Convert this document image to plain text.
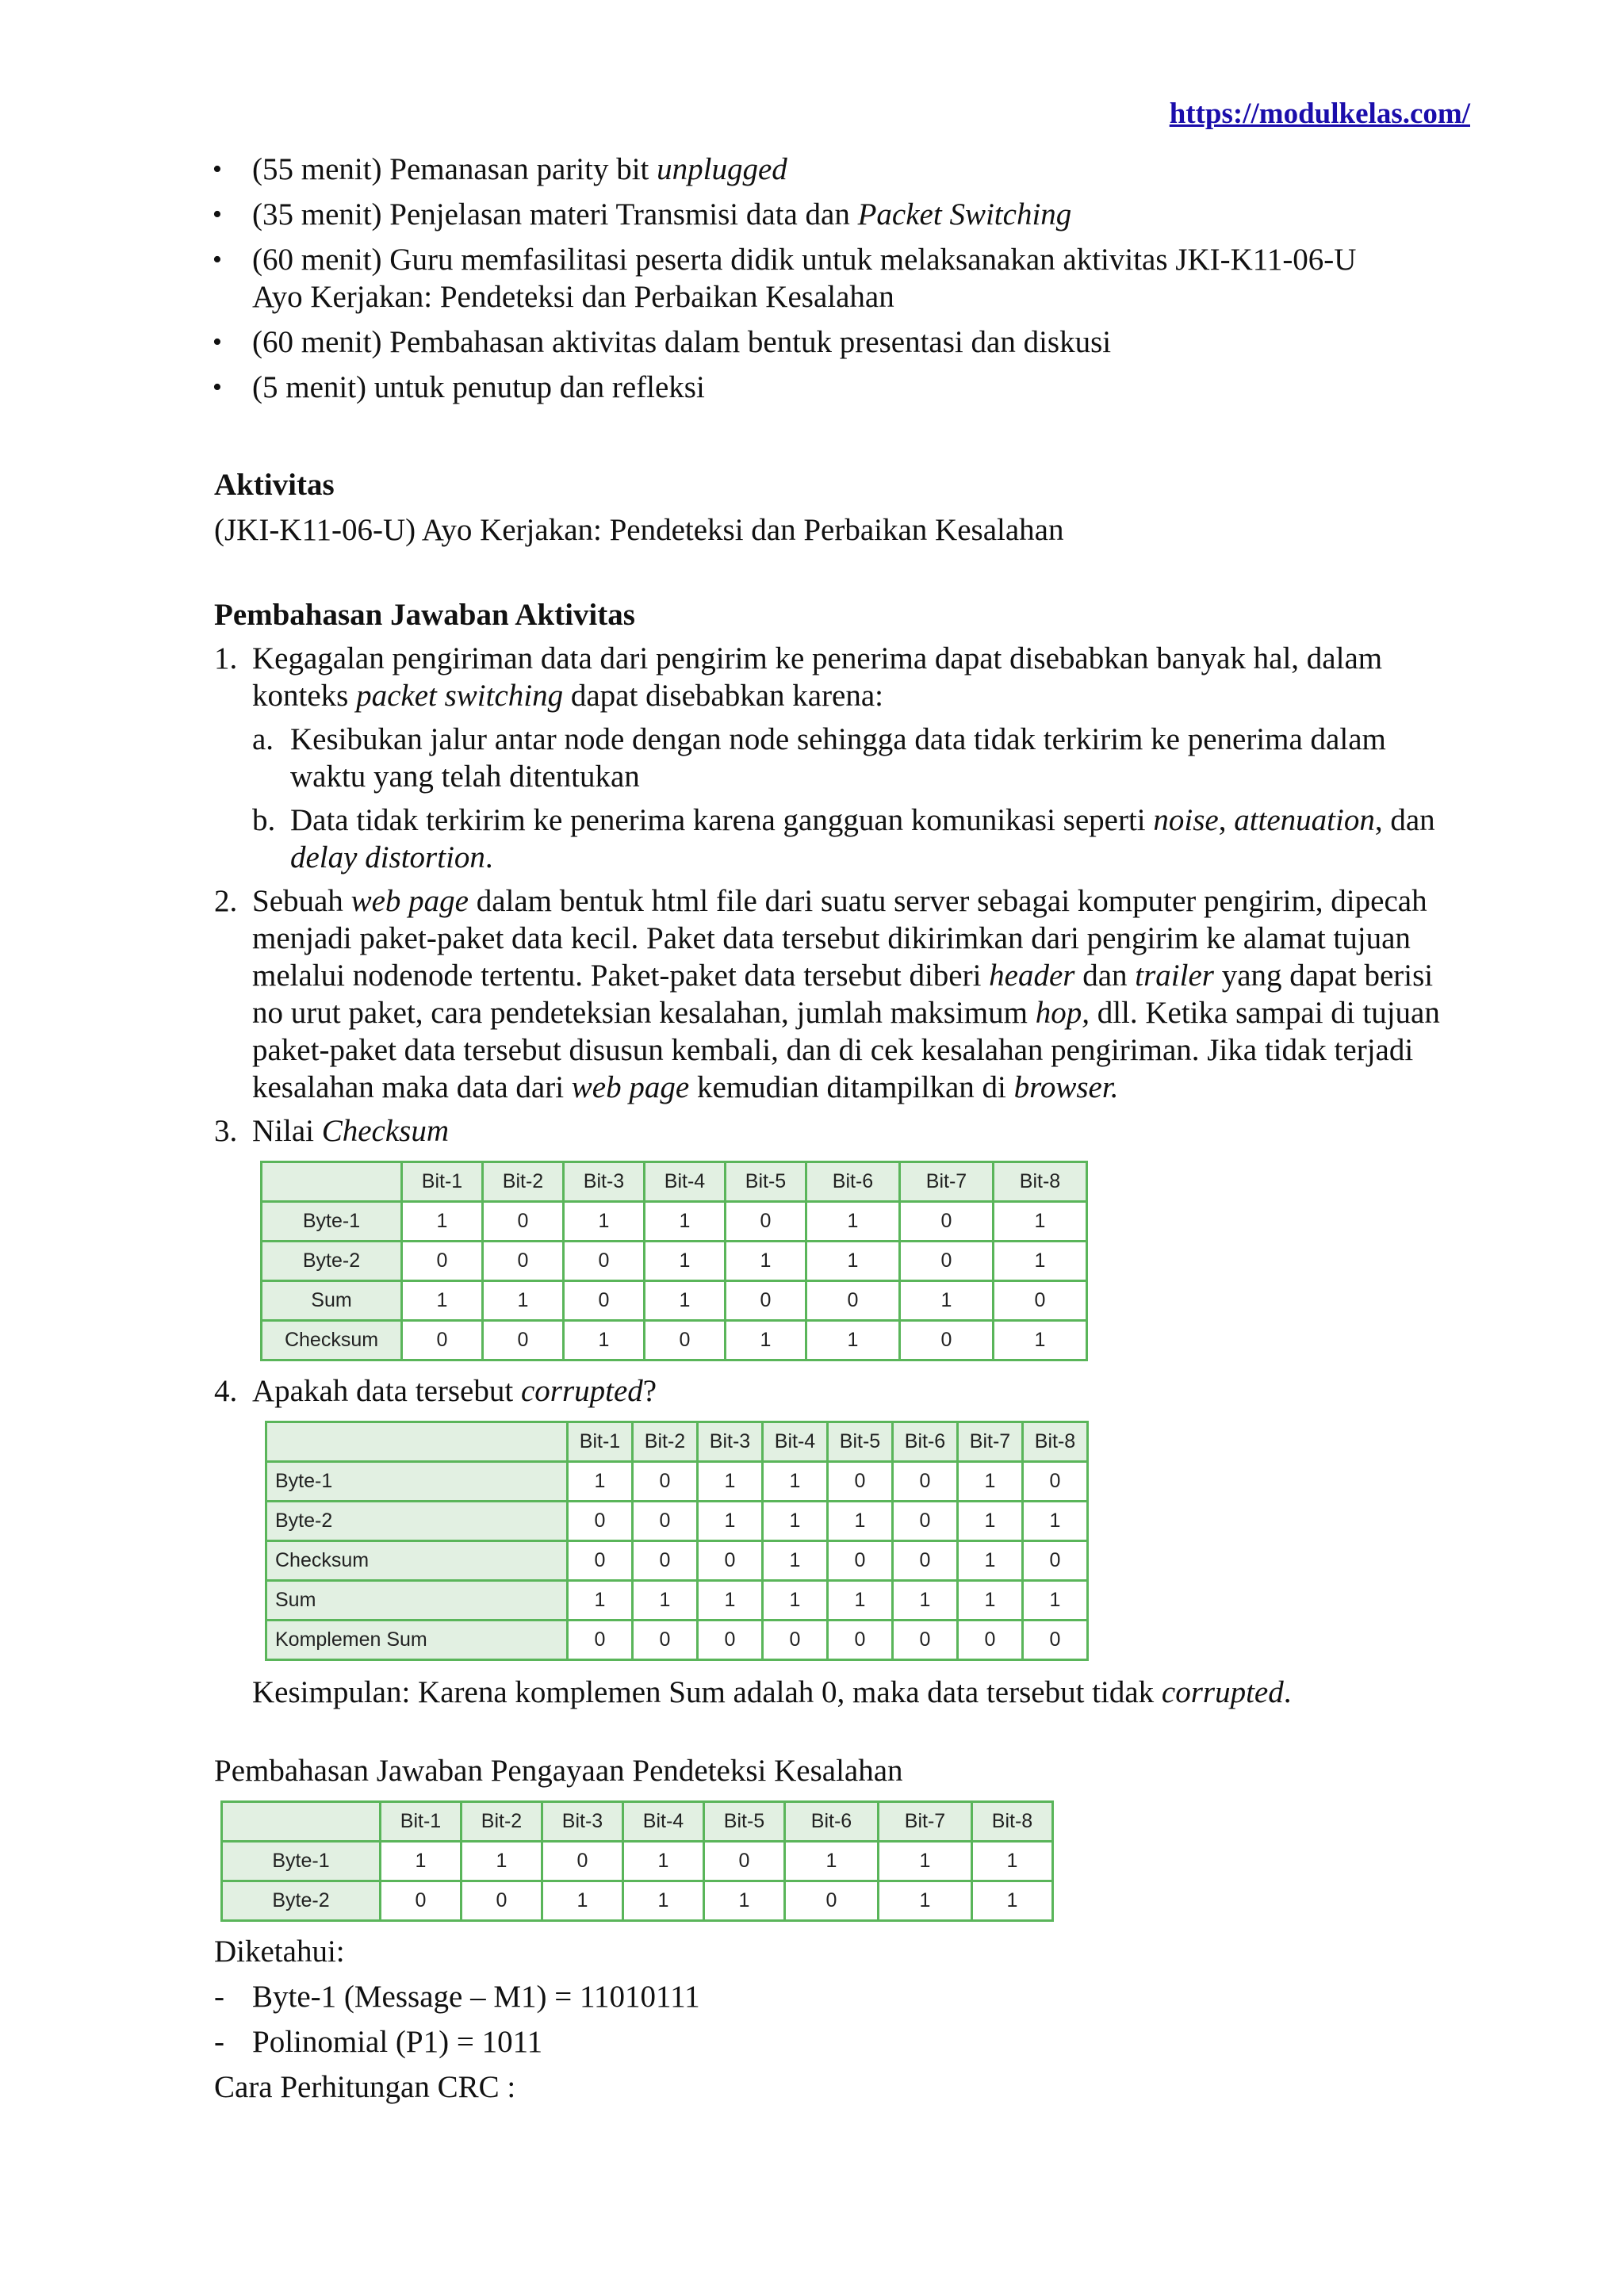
https://modulkelas.com/
• (55 menit) Pemanasan parity bit unplugged
• (35 menit) Penjelasan materi Transmisi data dan Packet Switching
• (60 menit) Guru memfasilitasi peserta didik untuk melaksanakan aktivitas JKI-K11-06-U
Ayo Kerjakan: Pendeteksi dan Perbaikan Kesalahan
• (60 menit) Pembahasan aktivitas dalam bentuk presentasi dan diskusi
• (5 menit) untuk penutup dan refleksi
Aktivitas

(JKI-K11-06-U) Ayo Kerjakan: Pendeteksi dan Perbaikan Kesalahan

Pembahasan Jawaban Aktivitas
1. Kegagalan pengiriman data dari pengirim ke penerima dapat disebabkan banyak hal, dalam
konteks packet switching dapat disebabkan karena:
a. Kesibukan jalur antar node dengan node sehingga data tidak terkirim ke penerima dalam waktu yang telah ditentukan
b. Data tidak terkirim ke penerima karena gangguan komunikasi seperti noise, attenuation, dan delay distortion.
2. Sebuah web page dalam bentuk html file dari suatu server sebagai komputer pengirim, dipecah menjadi paket-paket data kecil. Paket data tersebut dikirimkan dari pengirim ke alamat tujuan melalui nodenode tertentu. Paket-paket data tersebut diberi header dan trailer yang dapat berisi no urut paket, cara pendeteksian kesalahan, jumlah maksimum hop, dll. Ketika sampai di tujuan paket-paket data tersebut disusun kembali, dan di cek kesalahan pengiriman. Jika tidak terjadi kesalahan maka data dari web page kemudian ditampilkan di browser.
3. Nilai Checksum
	Bit-1	Bit-2	Bit-3	Bit-4	Bit-5	Bit-6	Bit-7	Bit-8
Byte-1	1	0	1	1	0	1	0	1
Byte-2	0	0	0	1	1	1	0	1
Sum	1	1	0	1	0	0	1	0
Checksum	0	0	1	0	1	1	0	1
4. Apakah data tersebut corrupted?
	Bit-1	Bit-2	Bit-3	Bit-4	Bit-5	Bit-6	Bit-7	Bit-8
Byte-1	1	0	1	1	0	0	1	0
Byte-2	0	0	1	1	1	0	1	1
Checksum	0	0	0	1	0	0	1	0
Sum	1	1	1	1	1	1	1	1
Komplemen Sum	0	0	0	0	0	0	0	0

Kesimpulan: Karena komplemen Sum adalah 0, maka data tersebut tidak corrupted.

Pembahasan Jawaban Pengayaan Pendeteksi Kesalahan

	Bit-1	Bit-2	Bit-3	Bit-4	Bit-5	Bit-6	Bit-7	Bit-8
Byte-1	1	1	0	1	0	1	1	1
Byte-2	0	0	1	1	1	0	1	1

Diketahui:

- Byte-1 (Message – M1) = 11010111
- Polinomial (P1) = 1011

Cara Perhitungan CRC :
